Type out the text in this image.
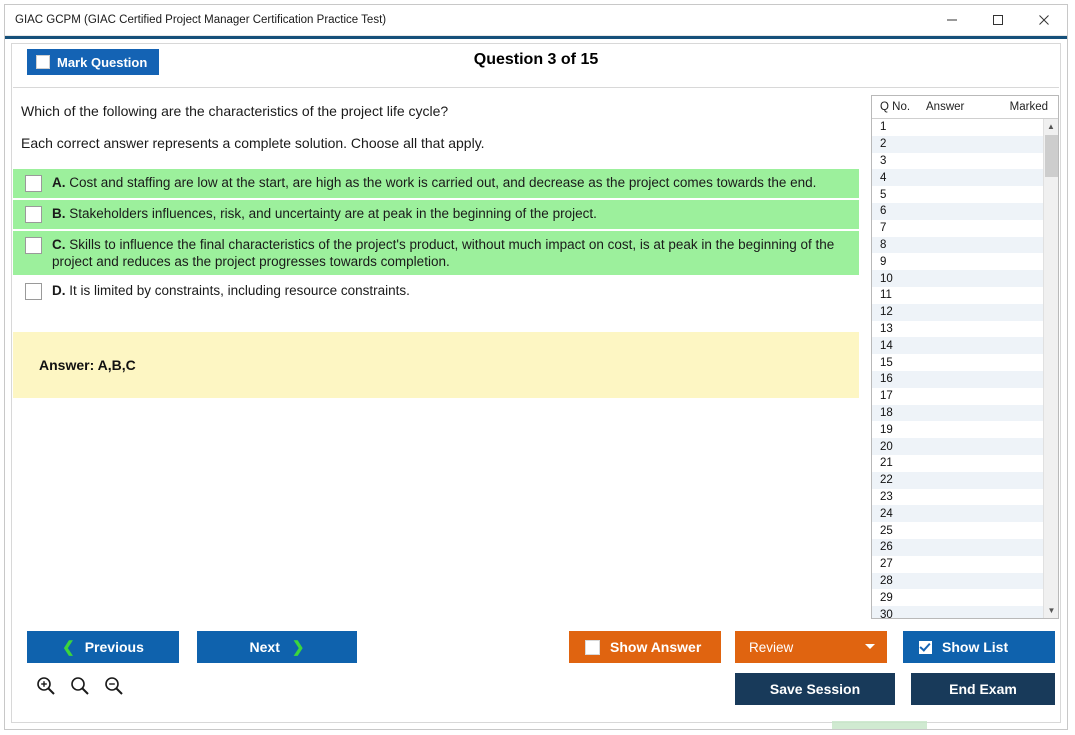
GIAC GCPM (GIAC Certified Project Manager Certification Practice Test)
Mark Question	Question 3 of 15
Which of the following are the characteristics of the project life cycle?
Each correct answer represents a complete solution. Choose all that apply.
A. Cost and staffing are low at the start, are high as the work is carried out, and decrease as the project comes towards the end.
B. Stakeholders influences, risk, and uncertainty are at peak in the beginning of the project.
C. Skills to influence the final characteristics of the project's product, without much impact on cost, is at peak in the beginning of the project and reduces as the project progresses towards completion.
D. It is limited by constraints, including resource constraints.
Answer: A,B,C
Q No.	Answer	Marked
1
2
3
4
5
6
7
8
9
10
11
12
13
14
15
16
17
18
19
20
21
22
23
24
25
26
27
28
29
30
▲
▼
❮ Previous	Next ❯	Show Answer	Review	Show List
Save Session	End Exam
